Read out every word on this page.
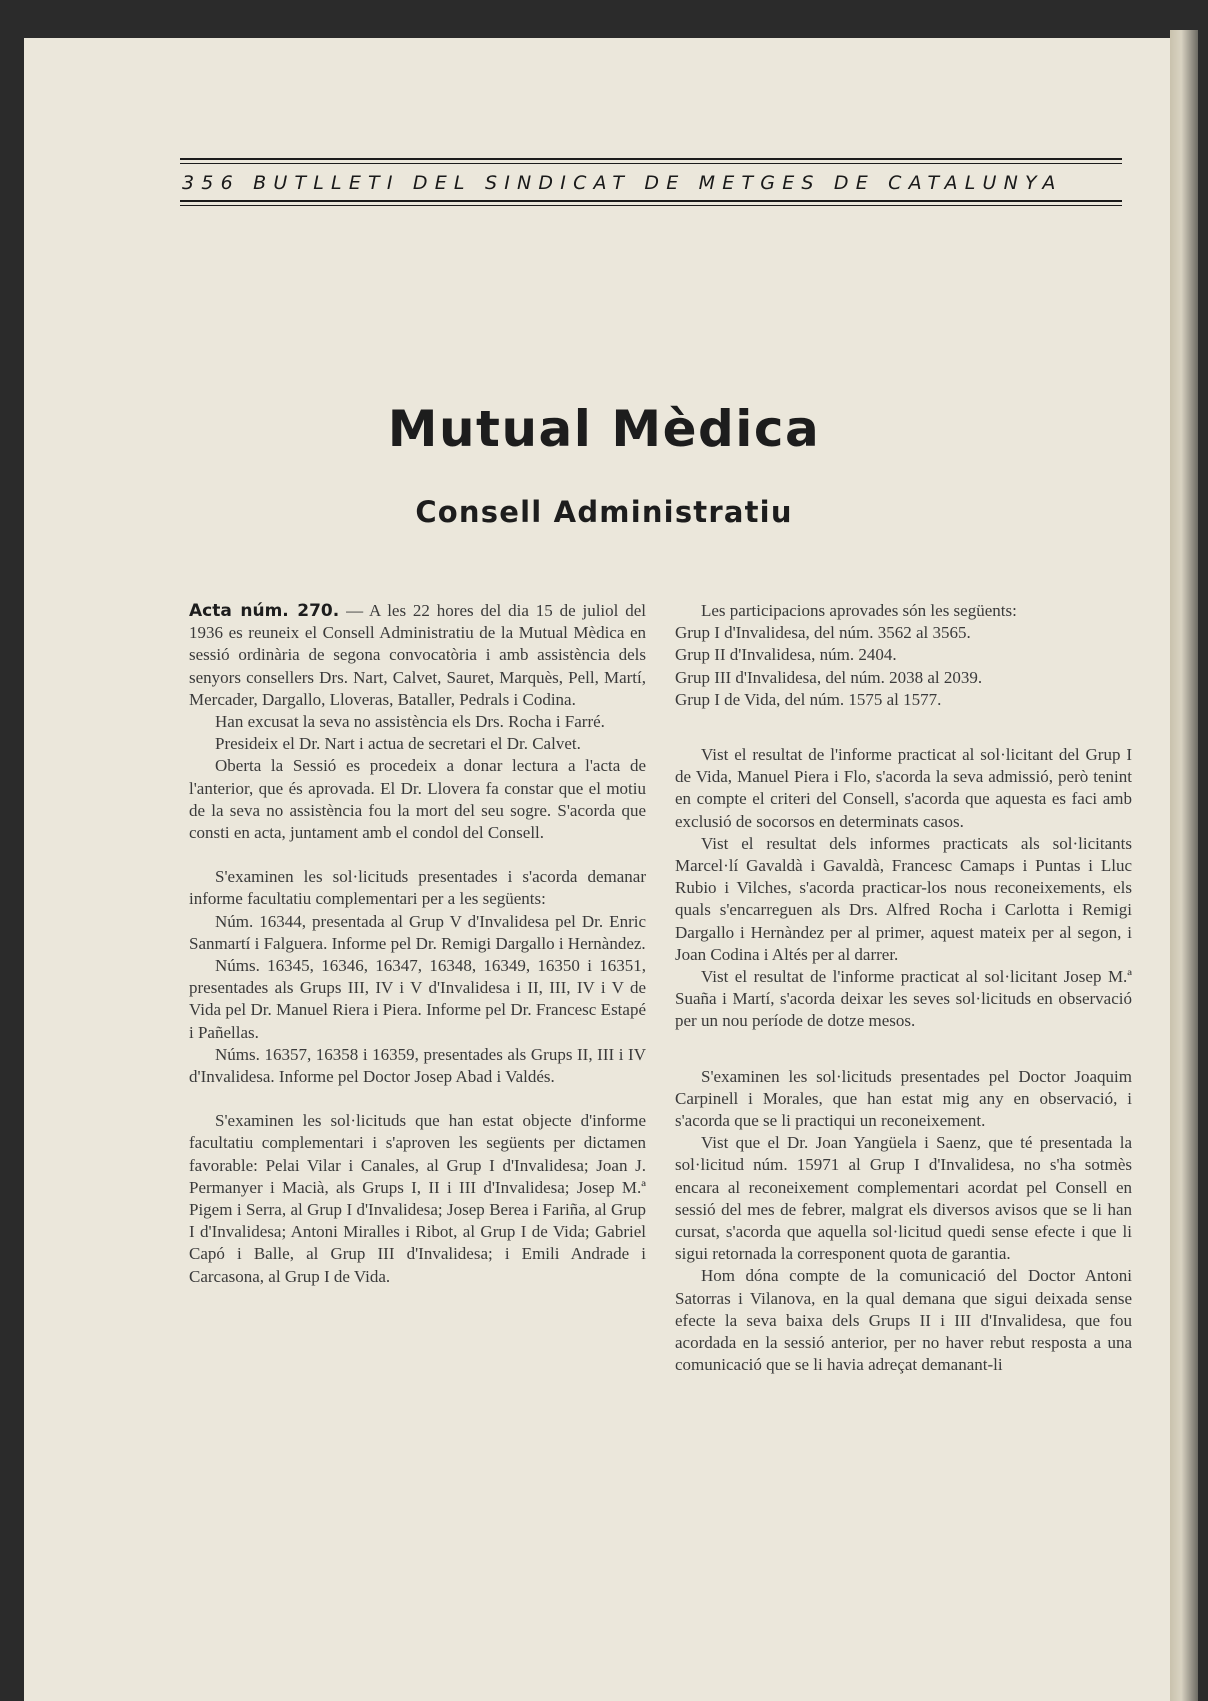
356 BUTLLETI DEL SINDICAT DE METGES DE CATALUNYA
Mutual Mèdica
Consell Administratiu

Acta núm. 270. — A les 22 hores del dia 15 de juliol del 1936 es reuneix el Consell Administratiu de la Mutual Mèdica en sessió ordinària de segona convocatòria i amb assistència dels senyors consellers Drs. Nart, Calvet, Sauret, Marquès, Pell, Martí, Mercader, Dargallo, Lloveras, Bataller, Pedrals i Codina.

Han excusat la seva no assistència els Drs. Rocha i Farré.

Presideix el Dr. Nart i actua de secretari el Dr. Calvet.

Oberta la Sessió es procedeix a donar lectura a l'acta de l'anterior, que és aprovada. El Dr. Llovera fa constar que el motiu de la seva no assistència fou la mort del seu sogre. S'acorda que consti en acta, juntament amb el condol del Consell.

S'examinen les sol·licituds presentades i s'acorda demanar informe facultatiu complementari per a les següents:

Núm. 16344, presentada al Grup V d'Invalidesa pel Dr. Enric Sanmartí i Falguera. Informe pel Dr. Remigi Dargallo i Hernàndez.

Núms. 16345, 16346, 16347, 16348, 16349, 16350 i 16351, presentades als Grups III, IV i V d'Invalidesa i II, III, IV i V de Vida pel Dr. Manuel Riera i Piera. Informe pel Dr. Francesc Estapé i Pañellas.

Núms. 16357, 16358 i 16359, presentades als Grups II, III i IV d'Invalidesa. Informe pel Doctor Josep Abad i Valdés.

S'examinen les sol·licituds que han estat objecte d'informe facultatiu complementari i s'aproven les següents per dictamen favorable: Pelai Vilar i Canales, al Grup I d'Invalidesa; Joan J. Permanyer i Macià, als Grups I, II i III d'Invalidesa; Josep M.ª Pigem i Serra, al Grup I d'Invalidesa; Josep Berea i Fariña, al Grup I d'Invalidesa; Antoni Miralles i Ribot, al Grup I de Vida; Gabriel Capó i Balle, al Grup III d'Invalidesa; i Emili Andrade i Carcasona, al Grup I de Vida.

Les participacions aprovades són les següents:

Grup I d'Invalidesa, del núm. 3562 al 3565.

Grup II d'Invalidesa, núm. 2404.

Grup III d'Invalidesa, del núm. 2038 al 2039.

Grup I de Vida, del núm. 1575 al 1577.

Vist el resultat de l'informe practicat al sol·licitant del Grup I de Vida, Manuel Piera i Flo, s'acorda la seva admissió, però tenint en compte el criteri del Consell, s'acorda que aquesta es faci amb exclusió de socorsos en determinats casos.

Vist el resultat dels informes practicats als sol·licitants Marcel·lí Gavaldà i Gavaldà, Francesc Camaps i Puntas i Lluc Rubio i Vilches, s'acorda practicar-los nous reconeixements, els quals s'encarreguen als Drs. Alfred Rocha i Carlotta i Remigi Dargallo i Hernàndez per al primer, aquest mateix per al segon, i Joan Codina i Altés per al darrer.

Vist el resultat de l'informe practicat al sol·licitant Josep M.ª Suaña i Martí, s'acorda deixar les seves sol·licituds en observació per un nou període de dotze mesos.

S'examinen les sol·licituds presentades pel Doctor Joaquim Carpinell i Morales, que han estat mig any en observació, i s'acorda que se li practiqui un reconeixement.

Vist que el Dr. Joan Yangüela i Saenz, que té presentada la sol·licitud núm. 15971 al Grup I d'Invalidesa, no s'ha sotmès encara al reconeixement complementari acordat pel Consell en sessió del mes de febrer, malgrat els diversos avisos que se li han cursat, s'acorda que aquella sol·licitud quedi sense efecte i que li sigui retornada la corresponent quota de garantia.

Hom dóna compte de la comunicació del Doctor Antoni Satorras i Vilanova, en la qual demana que sigui deixada sense efecte la seva baixa dels Grups II i III d'Invalidesa, que fou acordada en la sessió anterior, per no haver rebut resposta a una comunicació que se li havia adreçat demanant-li
